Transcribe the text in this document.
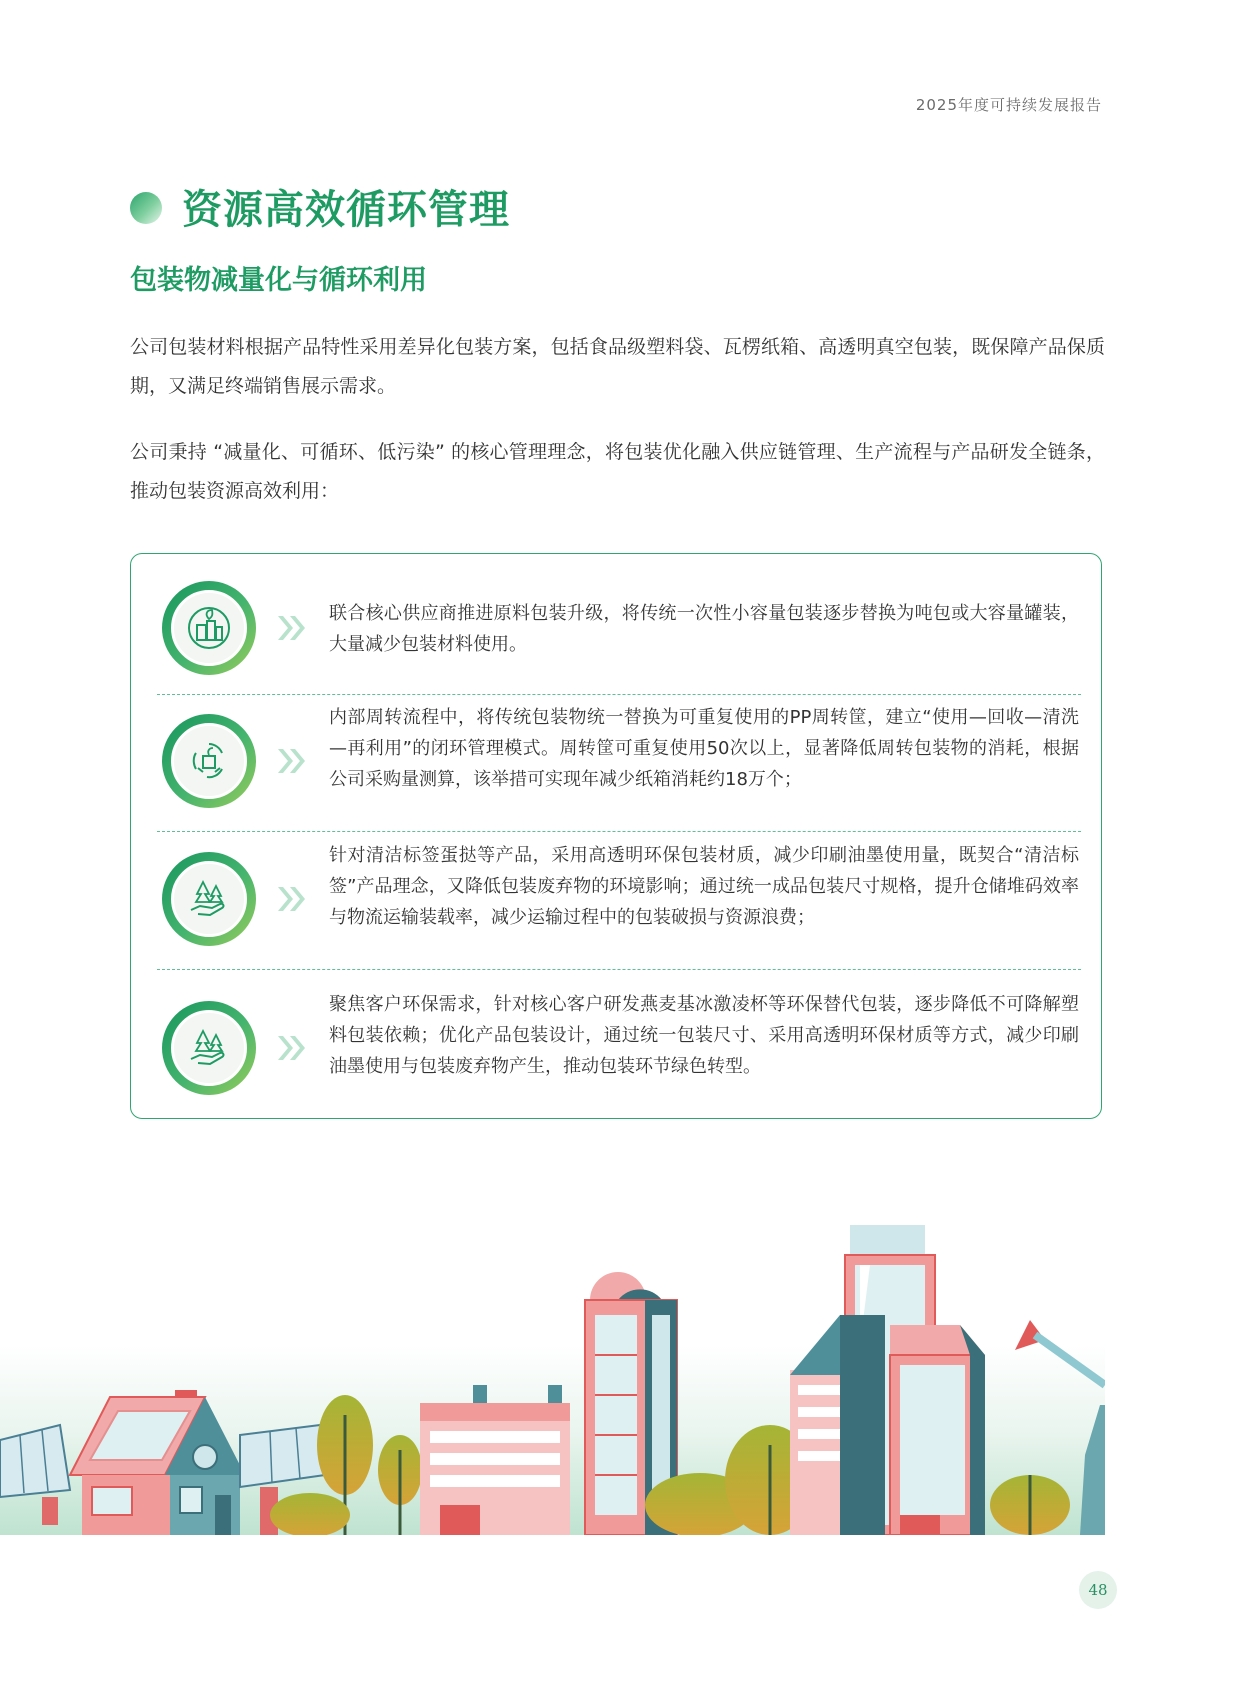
2025年度可持续发展报告
资源高效循环管理
包装物减量化与循环利用
公司包装材料根据产品特性采用差异化包装方案，包括食品级塑料袋、瓦楞纸箱、高透明真空包装，既保障产品保质期，又满足终端销售展示需求。
公司秉持 “减量化、可循环、低污染” 的核心管理理念，将包装优化融入供应链管理、生产流程与产品研发全链条，推动包装资源高效利用：
联合核心供应商推进原料包装升级，将传统一次性小容量包装逐步替换为吨包或大容量罐装，大量减少包装材料使用。
内部周转流程中，将传统包装物统一替换为可重复使用的PP周转筐，建立“使用—回收—清洗—再利用”的闭环管理模式。周转筐可重复使用50次以上，显著降低周转包装物的消耗，根据公司采购量测算，该举措可实现年减少纸箱消耗约18万个；
针对清洁标签蛋挞等产品，采用高透明环保包装材质，减少印刷油墨使用量，既契合“清洁标签”产品理念，又降低包装废弃物的环境影响；通过统一成品包装尺寸规格，提升仓储堆码效率与物流运输装载率，减少运输过程中的包装破损与资源浪费；
聚焦客户环保需求，针对核心客户研发燕麦基冰激凌杯等环保替代包装，逐步降低不可降解塑料包装依赖；优化产品包装设计，通过统一包装尺寸、采用高透明环保材质等方式，减少印刷油墨使用与包装废弃物产生，推动包装环节绿色转型。
48
